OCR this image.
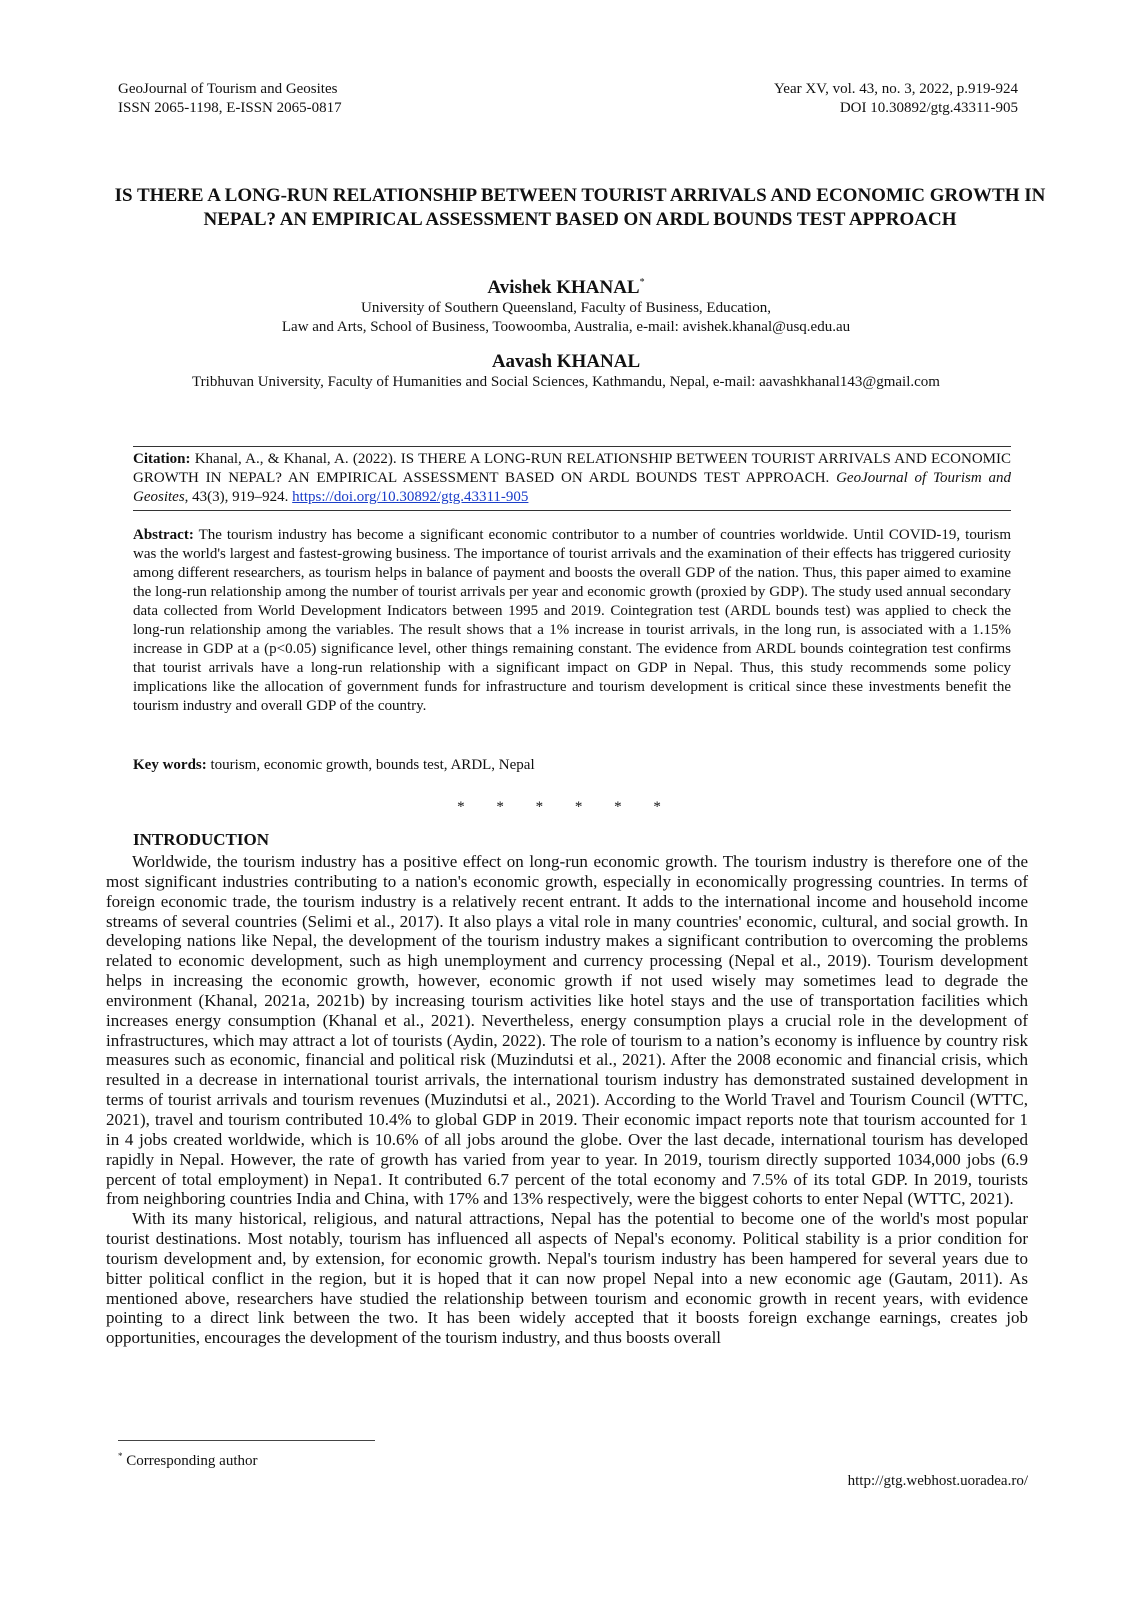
GeoJournal of Tourism and Geosites
ISSN 2065-1198, E-ISSN 2065-0817
Year XV, vol. 43, no. 3, 2022, p.919-924
DOI 10.30892/gtg.43311-905
IS THERE A LONG-RUN RELATIONSHIP BETWEEN TOURIST ARRIVALS AND ECONOMIC GROWTH IN NEPAL? AN EMPIRICAL ASSESSMENT BASED ON ARDL BOUNDS TEST APPROACH
Avishek KHANAL*
University of Southern Queensland, Faculty of Business, Education,
Law and Arts, School of Business, Toowoomba, Australia, e-mail: avishek.khanal@usq.edu.au
Aavash KHANAL
Tribhuvan University, Faculty of Humanities and Social Sciences, Kathmandu, Nepal, e-mail: aavashkhanal143@gmail.com
Citation: Khanal, A., & Khanal, A. (2022). IS THERE A LONG-RUN RELATIONSHIP BETWEEN TOURIST ARRIVALS AND ECONOMIC GROWTH IN NEPAL? AN EMPIRICAL ASSESSMENT BASED ON ARDL BOUNDS TEST APPROACH. GeoJournal of Tourism and Geosites, 43(3), 919–924. https://doi.org/10.30892/gtg.43311-905
Abstract: The tourism industry has become a significant economic contributor to a number of countries worldwide. Until COVID-19, tourism was the world's largest and fastest-growing business. The importance of tourist arrivals and the examination of their effects has triggered curiosity among different researchers, as tourism helps in balance of payment and boosts the overall GDP of the nation. Thus, this paper aimed to examine the long-run relationship among the number of tourist arrivals per year and economic growth (proxied by GDP). The study used annual secondary data collected from World Development Indicators between 1995 and 2019. Cointegration test (ARDL bounds test) was applied to check the long-run relationship among the variables. The result shows that a 1% increase in tourist arrivals, in the long run, is associated with a 1.15% increase in GDP at a (p<0.05) significance level, other things remaining constant. The evidence from ARDL bounds cointegration test confirms that tourist arrivals have a long-run relationship with a significant impact on GDP in Nepal. Thus, this study recommends some policy implications like the allocation of government funds for infrastructure and tourism development is critical since these investments benefit the tourism industry and overall GDP of the country.
Key words: tourism, economic growth, bounds test, ARDL, Nepal
* * * * * *
INTRODUCTION

Worldwide, the tourism industry has a positive effect on long-run economic growth. The tourism industry is therefore one of the most significant industries contributing to a nation's economic growth, especially in economically progressing countries. In terms of foreign economic trade, the tourism industry is a relatively recent entrant. It adds to the international income and household income streams of several countries (Selimi et al., 2017). It also plays a vital role in many countries' economic, cultural, and social growth. In developing nations like Nepal, the development of the tourism industry makes a significant contribution to overcoming the problems related to economic development, such as high unemployment and currency processing (Nepal et al., 2019). Tourism development helps in increasing the economic growth, however, economic growth if not used wisely may sometimes lead to degrade the environment (Khanal, 2021a, 2021b) by increasing tourism activities like hotel stays and the use of transportation facilities which increases energy consumption (Khanal et al., 2021). Nevertheless, energy consumption plays a crucial role in the development of infrastructures, which may attract a lot of tourists (Aydin, 2022). The role of tourism to a nation’s economy is influence by country risk measures such as economic, financial and political risk (Muzindutsi et al., 2021). After the 2008 economic and financial crisis, which resulted in a decrease in international tourist arrivals, the international tourism industry has demonstrated sustained development in terms of tourist arrivals and tourism revenues (Muzindutsi et al., 2021). According to the World Travel and Tourism Council (WTTC, 2021), travel and tourism contributed 10.4% to global GDP in 2019. Their economic impact reports note that tourism accounted for 1 in 4 jobs created worldwide, which is 10.6% of all jobs around the globe. Over the last decade, international tourism has developed rapidly in Nepal. However, the rate of growth has varied from year to year. In 2019, tourism directly supported 1034,000 jobs (6.9 percent of total employment) in Nepa1. It contributed 6.7 percent of the total economy and 7.5% of its total GDP. In 2019, tourists from neighboring countries India and China, with 17% and 13% respectively, were the biggest cohorts to enter Nepal (WTTC, 2021).

With its many historical, religious, and natural attractions, Nepal has the potential to become one of the world's most popular tourist destinations. Most notably, tourism has influenced all aspects of Nepal's economy. Political stability is a prior condition for tourism development and, by extension, for economic growth. Nepal's tourism industry has been hampered for several years due to bitter political conflict in the region, but it is hoped that it can now propel Nepal into a new economic age (Gautam, 2011). As mentioned above, researchers have studied the relationship between tourism and economic growth in recent years, with evidence pointing to a direct link between the two. It has been widely accepted that it boosts foreign exchange earnings, creates job opportunities, encourages the development of the tourism industry, and thus boosts overall

* Corresponding author
http://gtg.webhost.uoradea.ro/
